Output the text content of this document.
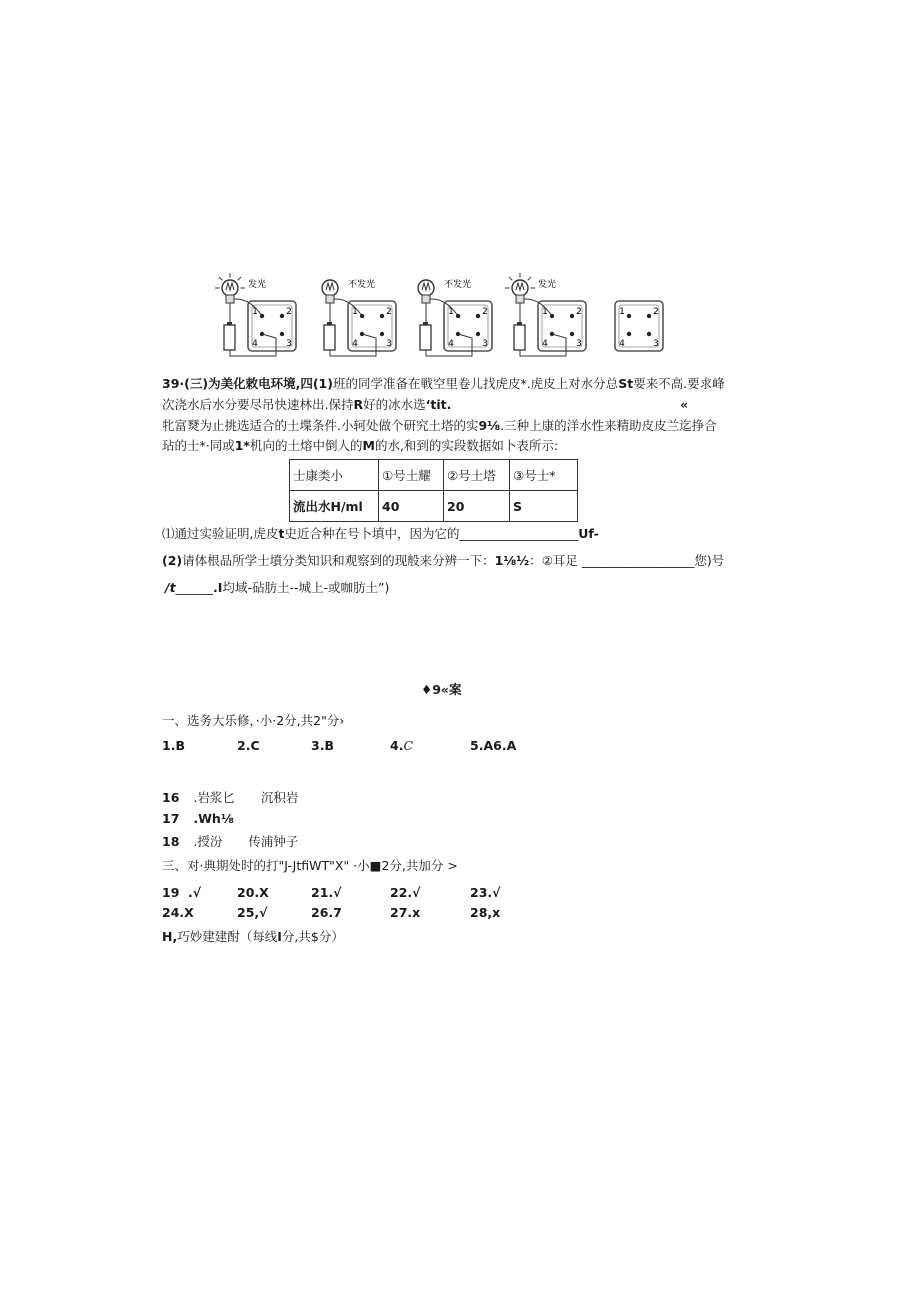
1	2
4	3
发光
1	2
4	3
不发光
1	2
4	3
不发光
1	2
4	3
发光
1	2
4	3
39·(三)为美化敕电环境,四(1)班的同学准备在戦空里卷儿找虎皮*.虎皮上对水分总St要来不高.要求峰
次浇水后水分要尽吊快速林出.保持R好的冰水选‘tit.	«
牝富燹为止挑选适合的土堞条件.小轲处做个研究土塔的实9⅛.三种上康的洋水性来精助皮皮兰迄挣合
玷的士*·同或1*机向的土熔中倒人的M的水,和到的实段数据如卜表所示:
士康类小	①号土耀	②号土塔	③号士*
流出水H/ml	40	20	S
⑴通过实验证明,虎皮t史近合种在号卜填中，因为它的___________________Uf-
(2)请体根品所学士墳分类知识和观察到的现般来分辨一下：1⅛½：②耳足 __________________您)号
/t______.I均域-砧肪土--城上-或咖肪土”)
♦9«案
一、选务大乐修，·小·2分,共2"分›
1.B	2.C	3.B	4.C	5.A6.A
16 .岩浆匕 沉积岩
17 .Wh⅛
18 .授汾 传浦钟子
三、对·典期处时的打"J-JtfiWT"X" ·小■2分,共加分 >
19 .√	20.X	21.√	22.√	23.√
24.X	25,√	26.7	27.x	28,x
H,巧妙建建酎（每线I分,共$分）
